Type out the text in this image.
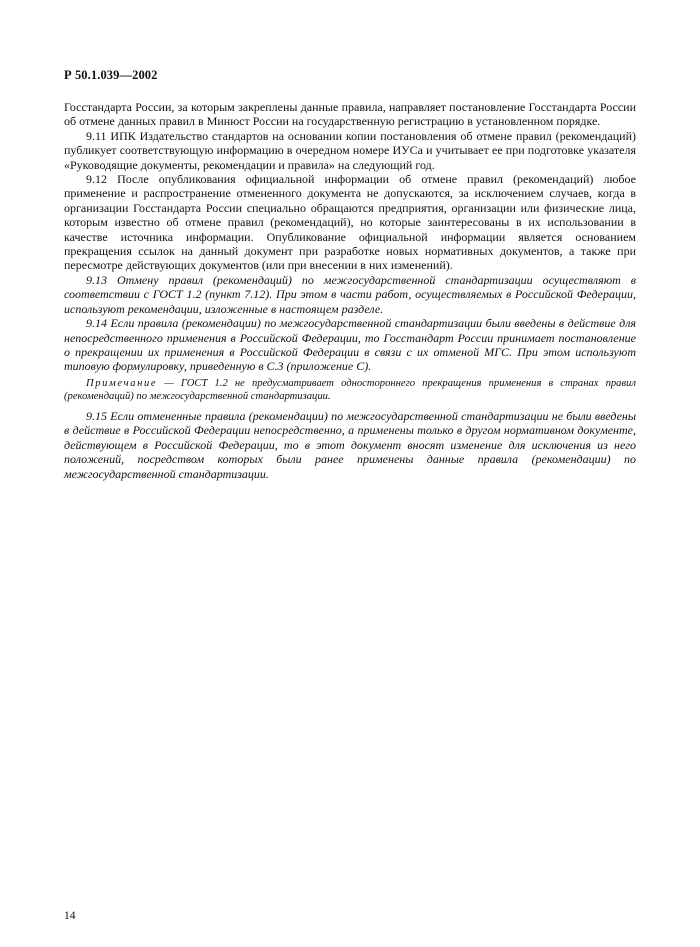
Р 50.1.039—2002

Госстандарта России, за которым закреплены данные правила, направляет постановление Госстандарта России об отмене данных правил в Минюст России на государственную регистрацию в установленном порядке.

9.11 ИПК Издательство стандартов на основании копии постановления об отмене правил (рекомендаций) публикует соответствующую информацию в очередном номере ИУСа и учитывает ее при подготовке указателя «Руководящие документы, рекомендации и правила» на следующий год.

9.12 После опубликования официальной информации об отмене правил (рекомендаций) любое применение и распространение отмененного документа не допускаются, за исключением случаев, когда в организации Госстандарта России специально обращаются предприятия, организации или физические лица, которым известно об отмене правил (рекомендаций), но которые заинтересованы в их использовании в качестве источника информации. Опубликование официальной информации является основанием прекращения ссылок на данный документ при разработке новых нормативных документов, а также при пересмотре действующих документов (или при внесении в них изменений).

9.13 Отмену правил (рекомендаций) по межгосударственной стандартизации осуществляют в соответствии с ГОСТ 1.2 (пункт 7.12). При этом в части работ, осуществляемых в Российской Федерации, используют рекомендации, изложенные в настоящем разделе.

9.14 Если правила (рекомендации) по межгосударственной стандартизации были введены в действие для непосредственного применения в Российской Федерации, то Госстандарт России принимает постановление о прекращении их применения в Российской Федерации в связи с их отменой МГС. При этом используют типовую формулировку, приведенную в С.3 (приложение С).

Примечание — ГОСТ 1.2 не предусматривает одностороннего прекращения применения в странах правил (рекомендаций) по межгосударственной стандартизации.

9.15 Если отмененные правила (рекомендации) по межгосударственной стандартизации не были введены в действие в Российской Федерации непосредственно, а применены только в другом нормативном документе, действующем в Российской Федерации, то в этот документ вносят изменение для исключения из него положений, посредством которых были ранее применены данные правила (рекомендации) по межгосударственной стандартизации.

14
